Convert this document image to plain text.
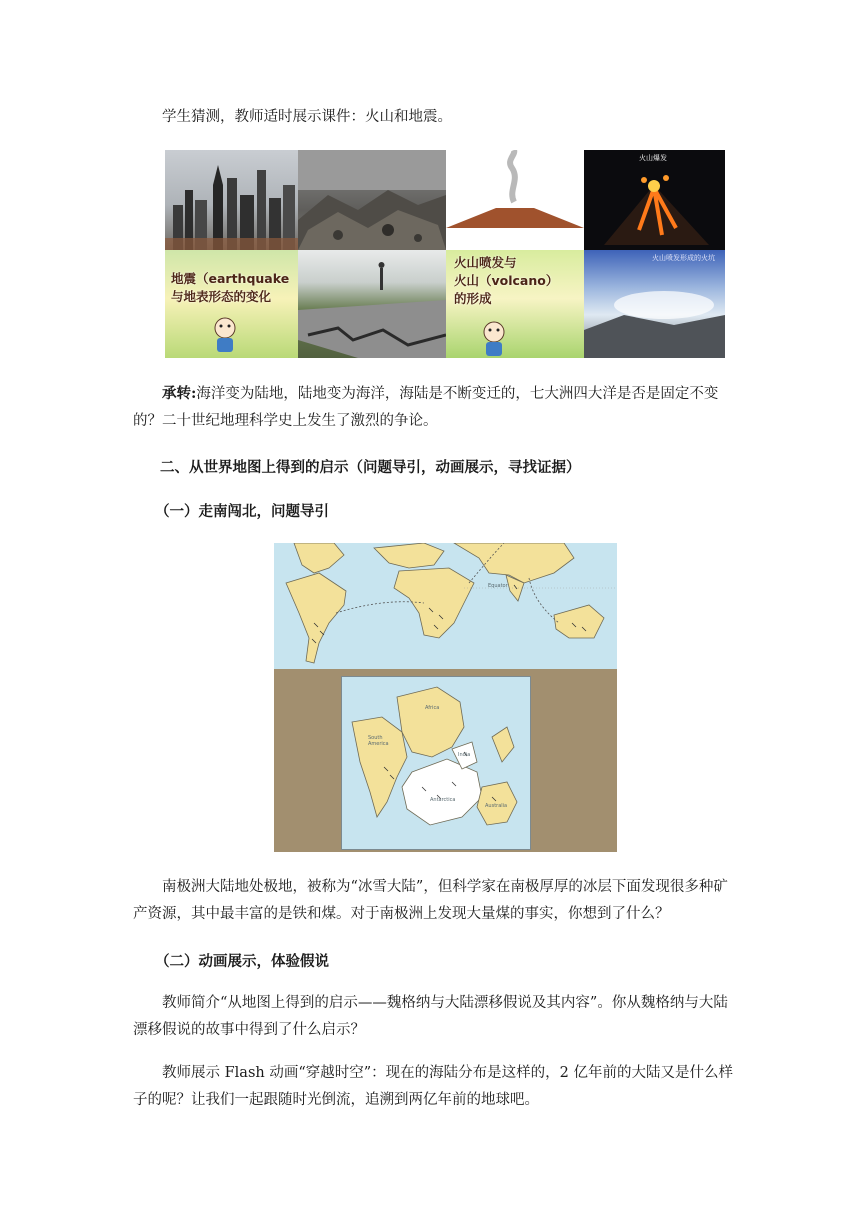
学生猜测，教师适时展示课件：火山和地震。

火山爆发
地震（earthquake
与地表形态的变化
火山喷发与
火山（volcano）
的形成
火山喷发形成的火坑

承转:海洋变为陆地，陆地变为海洋，海陆是不断变迁的，七大洲四大洋是否是固定不变的？二十世纪地理科学史上发生了激烈的争论。

二、从世界地图上得到的启示（问题导引，动画展示，寻找证据）

（一）走南闯北，问题导引

Equator
Africa
South
America
India
Antarctica
Australia

南极洲大陆地处极地，被称为“冰雪大陆”，但科学家在南极厚厚的冰层下面发现很多种矿产资源，其中最丰富的是铁和煤。对于南极洲上发现大量煤的事实，你想到了什么？

（二）动画展示，体验假说

教师简介“从地图上得到的启示——魏格纳与大陆漂移假说及其内容”。你从魏格纳与大陆漂移假说的故事中得到了什么启示？

教师展示 Flash 动画“穿越时空”：现在的海陆分布是这样的，2 亿年前的大陆又是什么样子的呢？让我们一起跟随时光倒流，追溯到两亿年前的地球吧。
